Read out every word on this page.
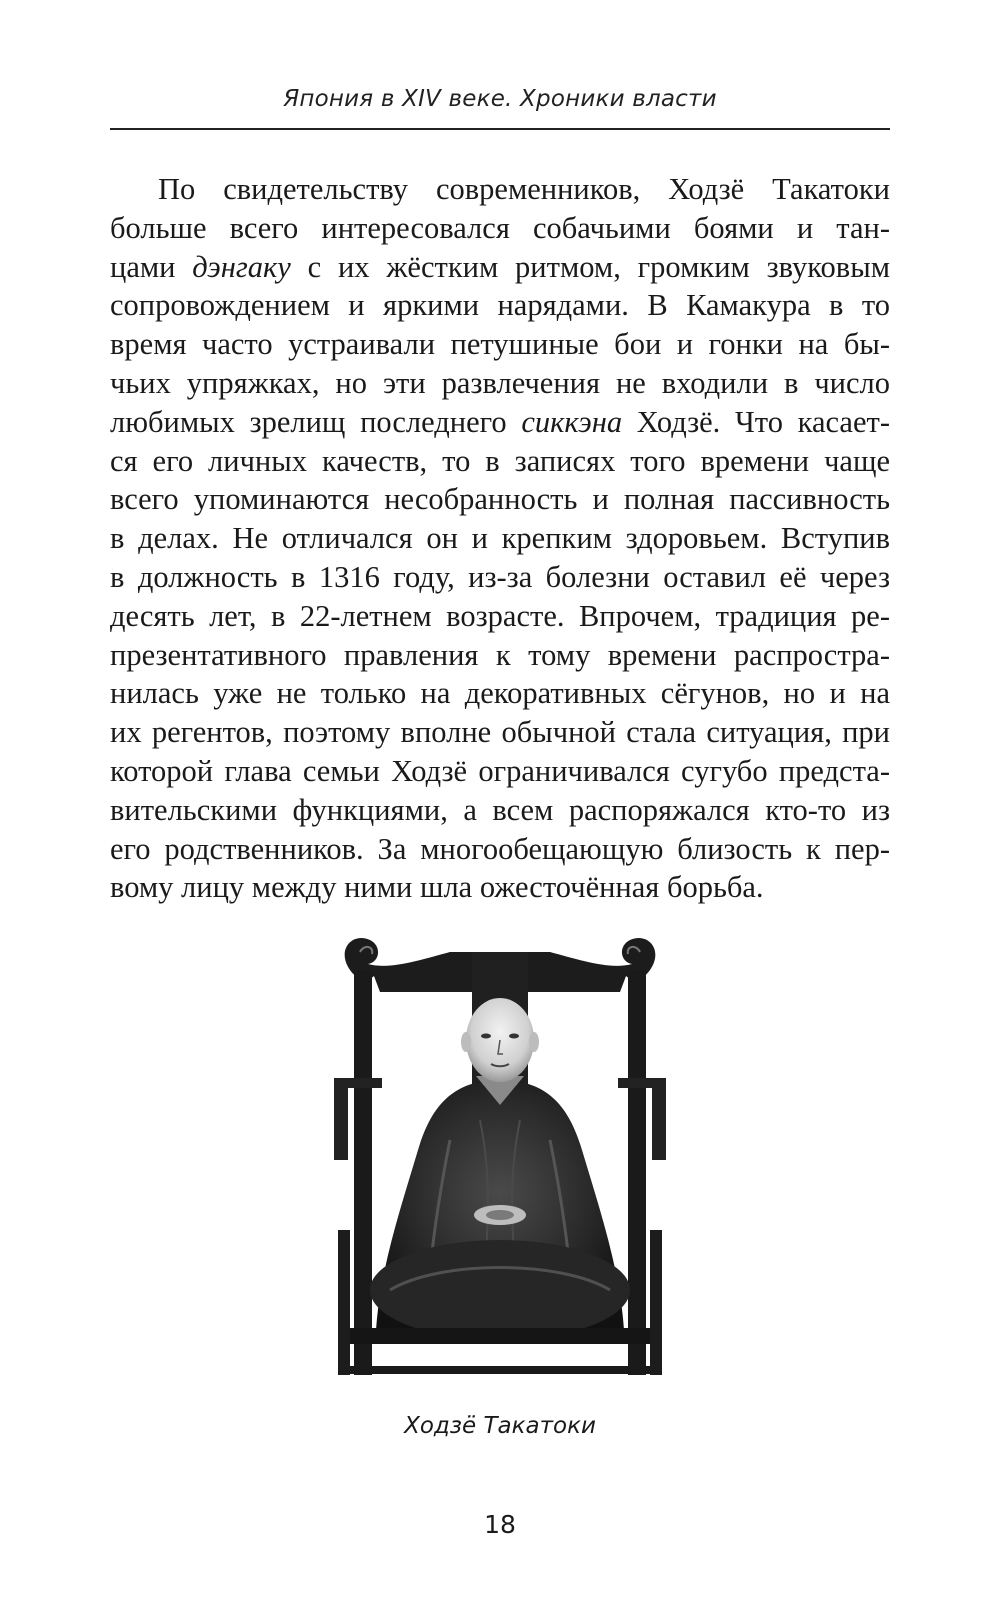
Япония в XIV веке. Хроники власти
По свидетельству современников, Ходзё Такатоки
больше всего интересовался собачьими боями и тан-
цами дэнгаку с их жёстким ритмом, громким звуковым
сопровождением и яркими нарядами. В Камакура в то
время часто устраивали петушиные бои и гонки на бы-
чьих упряжках, но эти развлечения не входили в число
любимых зрелищ последнего сиккэна Ходзё. Что касает-
ся его личных качеств, то в записях того времени чаще
всего упоминаются несобранность и полная пассивность
в делах. Не отличался он и крепким здоровьем. Вступив
в должность в 1316 году, из-за болезни оставил её через
десять лет, в 22-летнем возрасте. Впрочем, традиция ре-
презентативного правления к тому времени распростра-
нилась уже не только на декоративных сёгунов, но и на
их регентов, поэтому вполне обычной стала ситуация, при
которой глава семьи Ходзё ограничивался сугубо предста-
вительскими функциями, а всем распоряжался кто-то из
его родственников. За многообещающую близость к пер-
вому лицу между ними шла ожесточённая борьба.
Ходзё Такатоки
18
